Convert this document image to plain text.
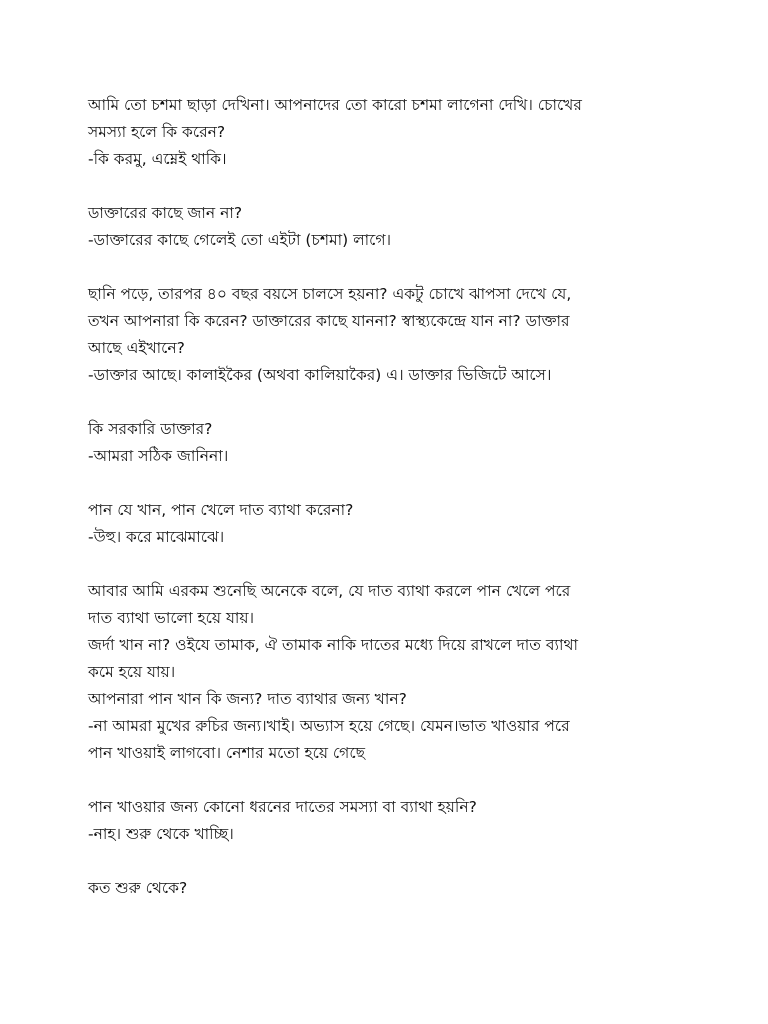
আমি তো চশমা ছাড়া দেখিনা। আপনাদের তো কারো চশমা লাগেনা দেখি। চোখের
সমস্যা হলে কি করেন?
-কি করমু, এম্নেই থাকি।
ডাক্তারের কাছে জান না?
-ডাক্তারের কাছে গেলেই তো এইটা (চশমা) লাগে।
ছানি পড়ে, তারপর ৪০ বছর বয়সে চালসে হয়না? একটু চোখে ঝাপসা দেখে যে,
তখন আপনারা কি করেন? ডাক্তারের কাছে যাননা? স্বাস্থ্যকেন্দ্রে যান না? ডাক্তার
আছে এইখানে?
-ডাক্তার আছে। কালাইকৈর (অথবা কালিয়াকৈর) এ। ডাক্তার ভিজিটে আসে।
কি সরকারি ডাক্তার?
-আমরা সঠিক জানিনা।
পান যে খান, পান খেলে দাত ব্যাথা করেনা?
-উহু। করে মাঝেমাঝে।
আবার আমি এরকম শুনেছি অনেকে বলে, যে দাত ব্যাথা করলে পান খেলে পরে
দাত ব্যাথা ভালো হয়ে যায়।
জর্দা খান না? ওইযে তামাক, ঐ তামাক নাকি দাতের মধ্যে দিয়ে রাখলে দাত ব্যাথা
কমে হয়ে যায়।
আপনারা পান খান কি জন্য? দাত ব্যাথার জন্য খান?
-না আমরা মুখের রুচির জন্য।খাই। অভ্যাস হয়ে গেছে। যেমন।ভাত খাওয়ার পরে
পান খাওয়াই লাগবো। নেশার মতো হয়ে গেছে
পান খাওয়ার জন্য কোনো ধরনের দাতের সমস্যা বা ব্যাথা হয়নি?
-নাহ। শুরু থেকে খাচ্ছি।
কত শুরু থেকে?
